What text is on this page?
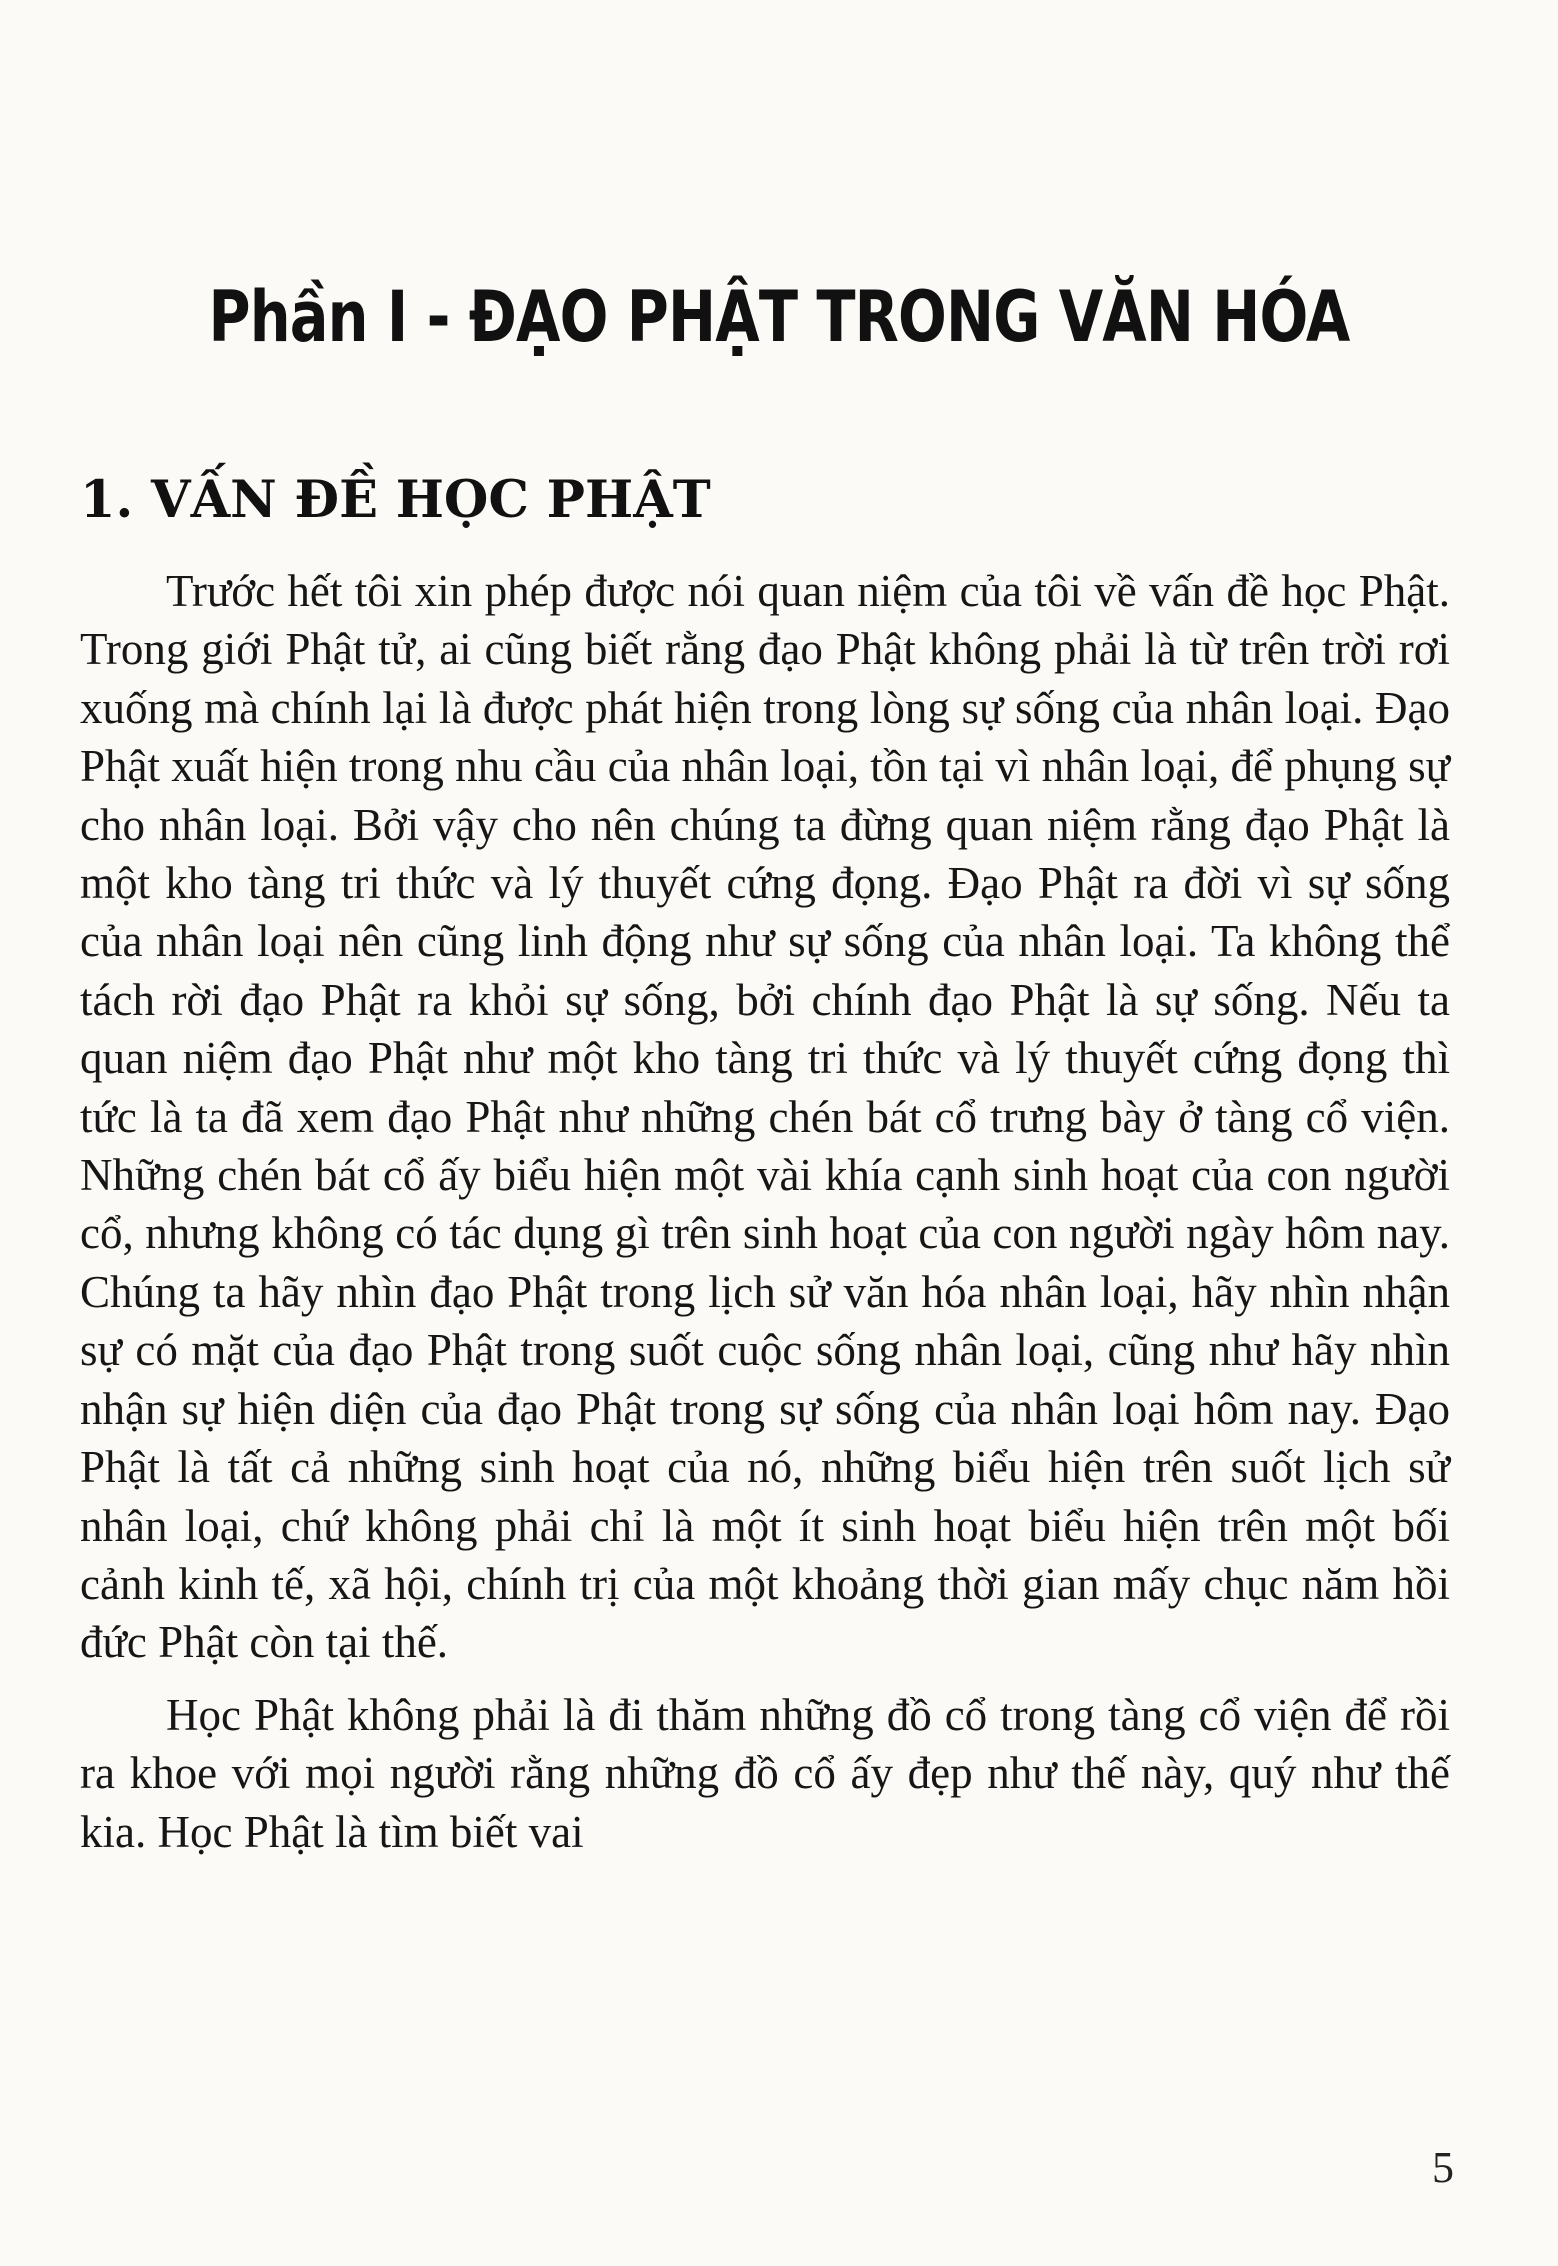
Phần I - ĐẠO PHẬT TRONG VĂN HÓA
1. VẤN ĐỀ HỌC PHẬT

Trước hết tôi xin phép được nói quan niệm của tôi về vấn đề học Phật. Trong giới Phật tử, ai cũng biết rằng đạo Phật không phải là từ trên trời rơi xuống mà chính lại là được phát hiện trong lòng sự sống của nhân loại. Đạo Phật xuất hiện trong nhu cầu của nhân loại, tồn tại vì nhân loại, để phụng sự cho nhân loại. Bởi vậy cho nên chúng ta đừng quan niệm rằng đạo Phật là một kho tàng tri thức và lý thuyết cứng đọng. Đạo Phật ra đời vì sự sống của nhân loại nên cũng linh động như sự sống của nhân loại. Ta không thể tách rời đạo Phật ra khỏi sự sống, bởi chính đạo Phật là sự sống. Nếu ta quan niệm đạo Phật như một kho tàng tri thức và lý thuyết cứng đọng thì tức là ta đã xem đạo Phật như những chén bát cổ trưng bày ở tàng cổ viện. Những chén bát cổ ấy biểu hiện một vài khía cạnh sinh hoạt của con người cổ, nhưng không có tác dụng gì trên sinh hoạt của con người ngày hôm nay. Chúng ta hãy nhìn đạo Phật trong lịch sử văn hóa nhân loại, hãy nhìn nhận sự có mặt của đạo Phật trong suốt cuộc sống nhân loại, cũng như hãy nhìn nhận sự hiện diện của đạo Phật trong sự sống của nhân loại hôm nay. Đạo Phật là tất cả những sinh hoạt của nó, những biểu hiện trên suốt lịch sử nhân loại, chứ không phải chỉ là một ít sinh hoạt biểu hiện trên một bối cảnh kinh tế, xã hội, chính trị của một khoảng thời gian mấy chục năm hồi đức Phật còn tại thế.

Học Phật không phải là đi thăm những đồ cổ trong tàng cổ viện để rồi ra khoe với mọi người rằng những đồ cổ ấy đẹp như thế này, quý như thế kia. Học Phật là tìm biết vai

5
